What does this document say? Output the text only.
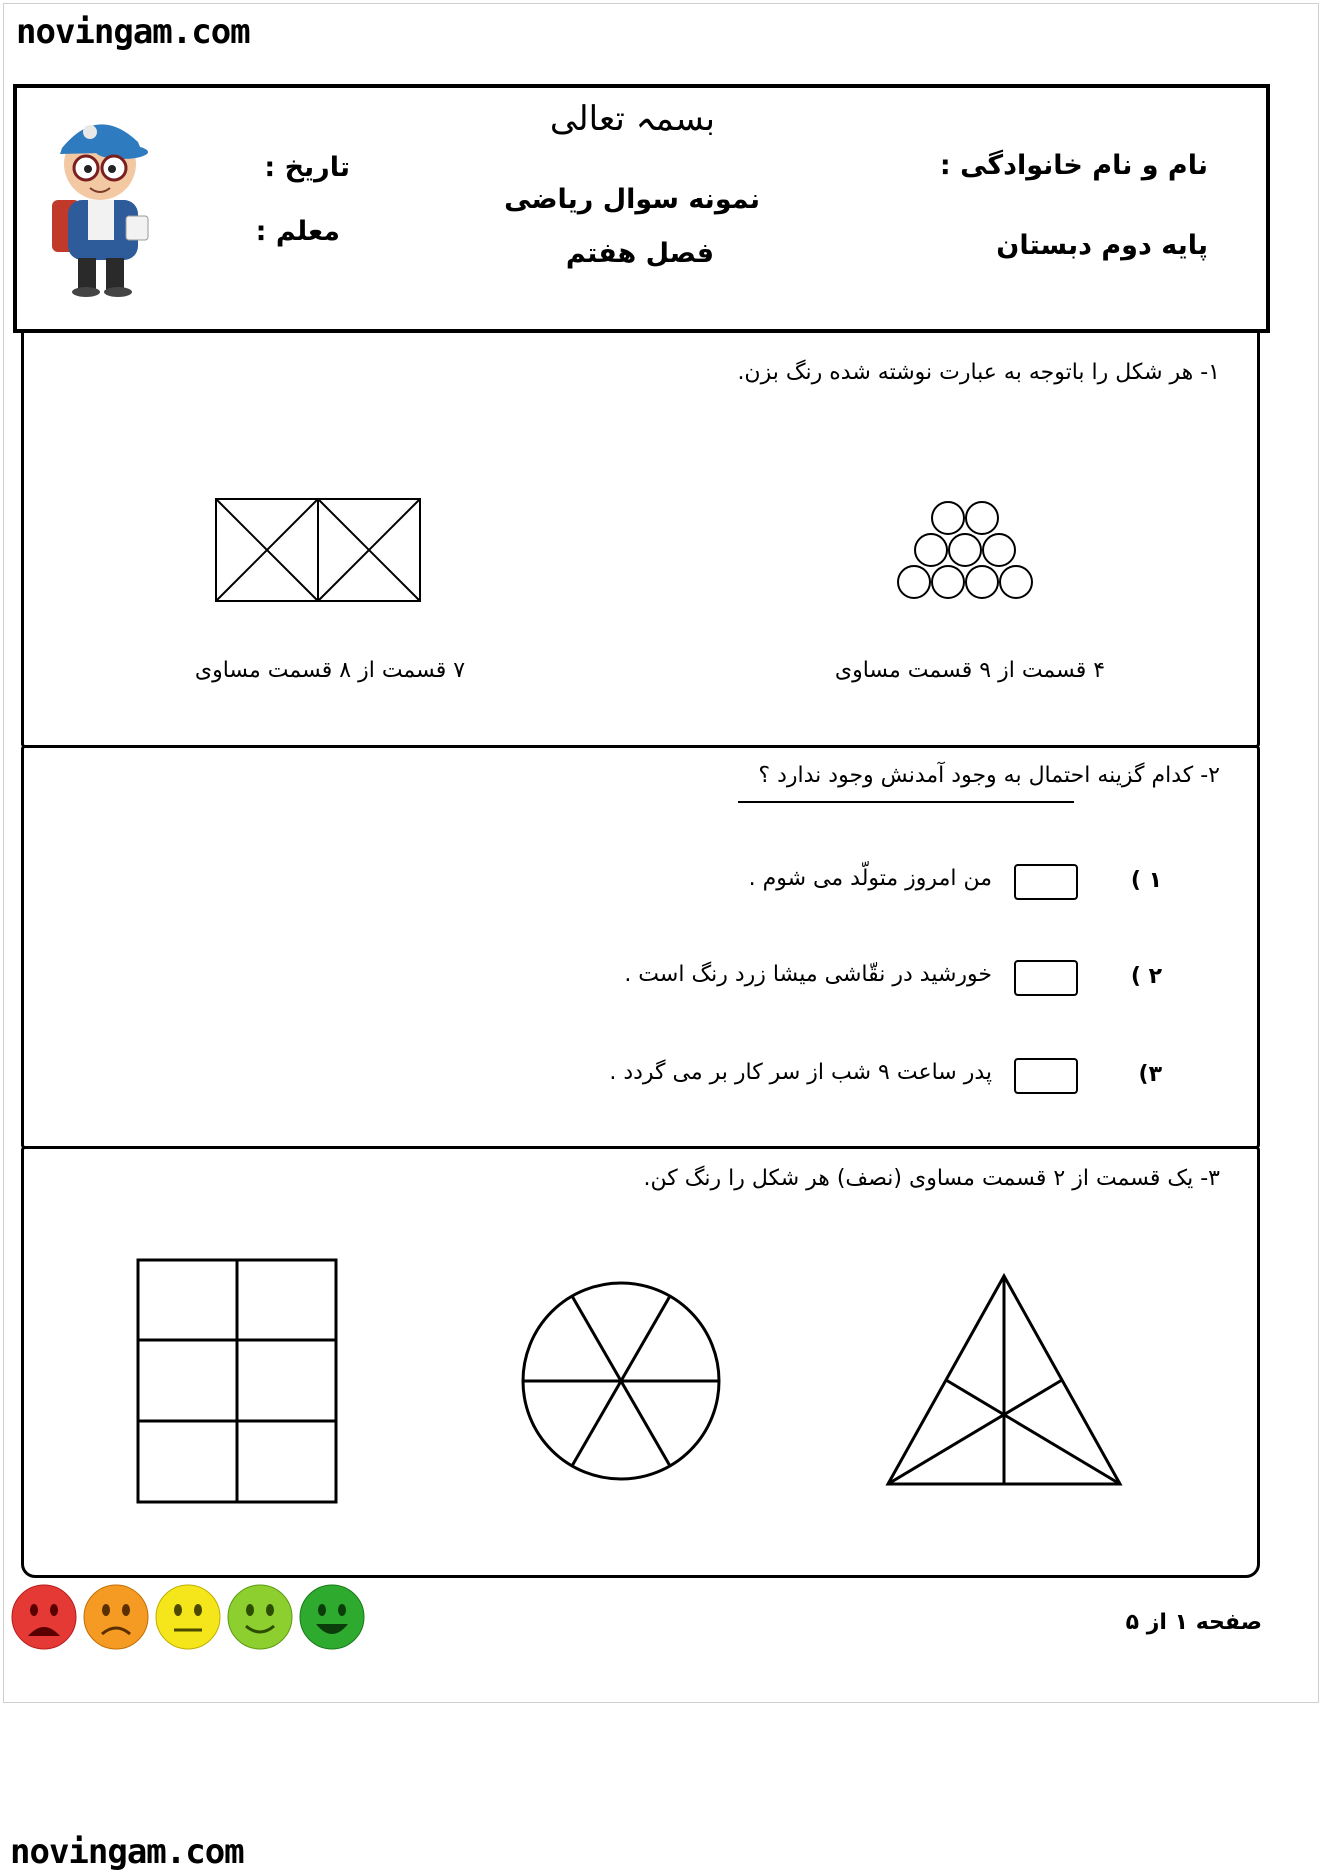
novingam.com
novingam.com
بسمہ تعالی
نمونه سوال ریاضی
فصل هفتم
نام و نام خانوادگی :
پایه دوم دبستان
تاریخ :
معلم :
۱- هر شکل را باتوجه به عبارت نوشته شده رنگ بزن.
۴ قسمت از ۹ قسمت مساوی
۷ قسمت از ۸ قسمت مساوی
۲- کدام گزینه احتمال به وجود آمدنش وجود ندارد ؟
۱ )
من امروز متولّد می شوم .
۲ )
خورشید در نقّاشی میشا زرد رنگ است .
۳)
پدر ساعت ۹ شب از سر کار بر می گردد .
۳- یک قسمت از ۲ قسمت مساوی (نصف) هر شکل را رنگ کن.
صفحه ۱ از ۵
